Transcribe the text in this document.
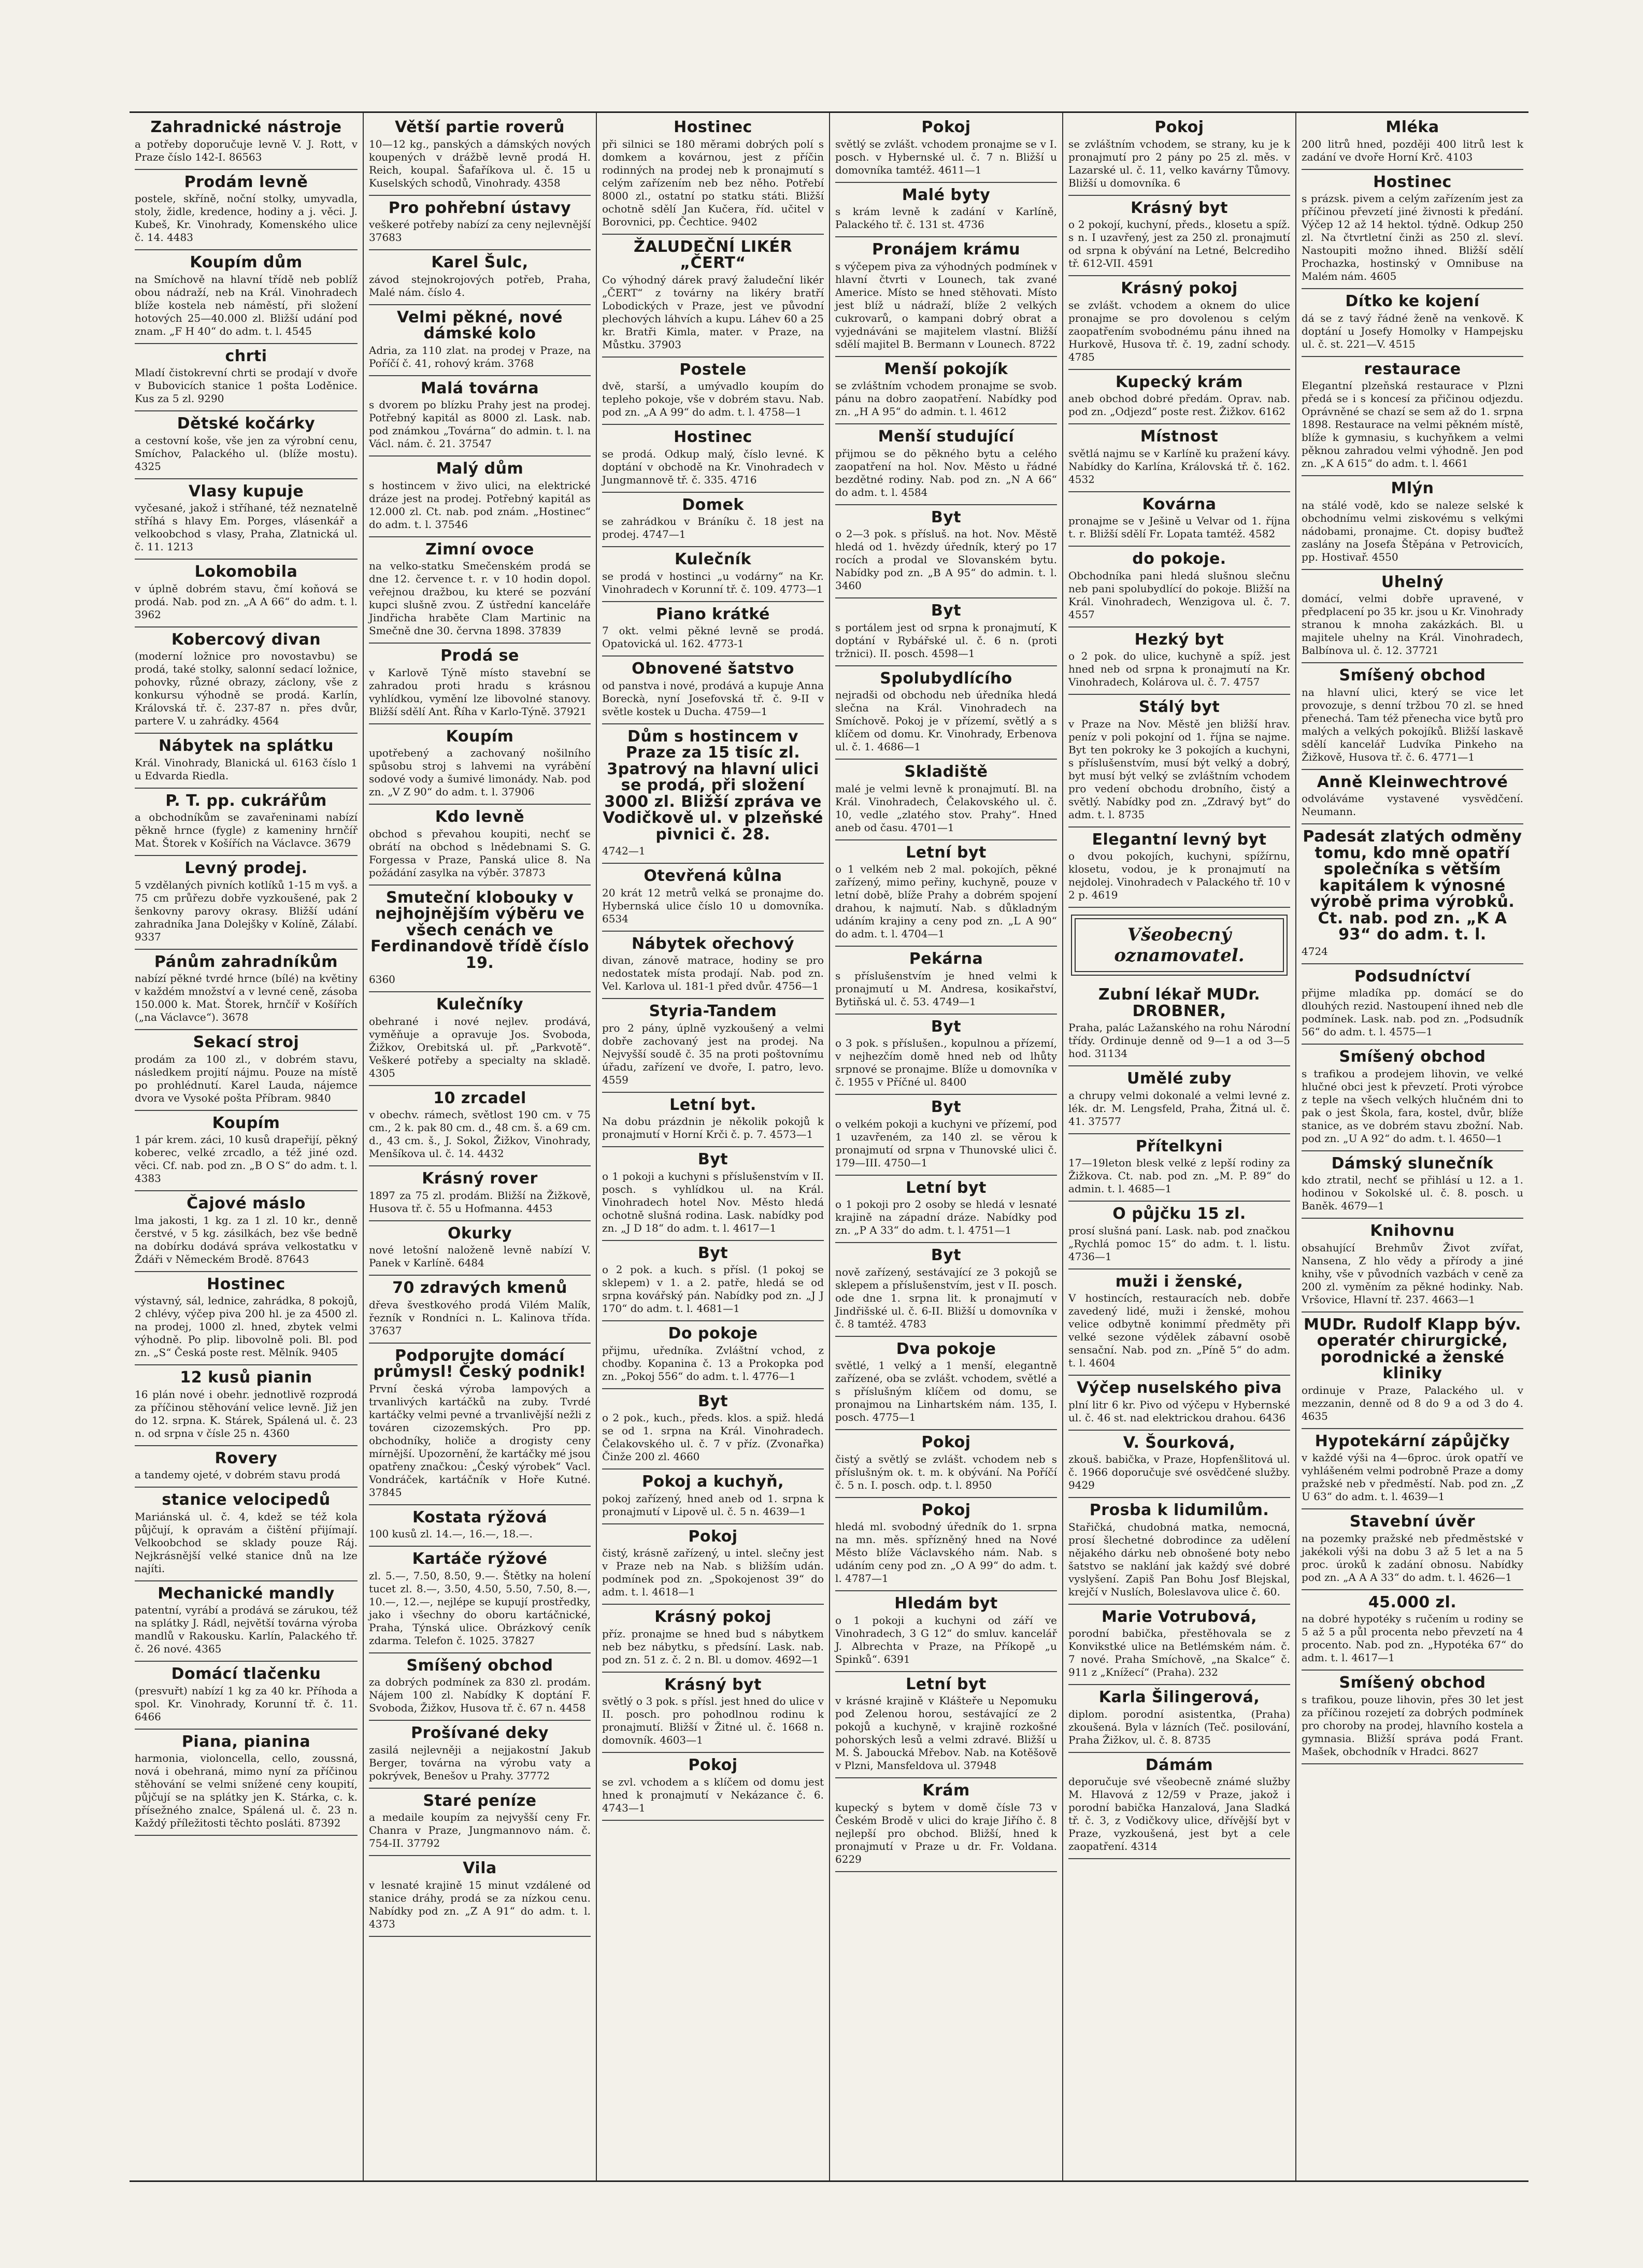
Zahradnické nástroje

a potřeby doporučuje levně V. J. Rott, v Praze číslo 142-I. 86563

Prodám levně

postele, skříně, noční stolky, umyvadla, stoly, židle, kredence, hodiny a j. věci. J. Kubeš, Kr. Vinohrady, Komenského ulice č. 14. 4483

Koupím dům

na Smíchově na hlavní třídě neb poblíž obou nádraží, neb na Král. Vinohradech blíže kostela neb náměstí, při složení hotových 25—40.000 zl. Bližší udání pod znam. „F H 40“ do adm. t. l. 4545

chrti

Mladí čistokrevní chrti se prodají v dvoře v Bubovicích stanice 1 pošta Loděnice. Kus za 5 zl. 9290

Dětské kočárky

a cestovní koše, vše jen za výrobní cenu, Smíchov, Palackého ul. (blíže mostu). 4325

Vlasy kupuje

vyčesané, jakož i stříhané, též neznatelně stříhá s hlavy Em. Porges, vlásenkář a velkoobchod s vlasy, Praha, Zlatnická ul. č. 11. 1213

Lokomobila

v úplně dobrém stavu, čmí koňová se prodá. Nab. pod zn. „A A 66“ do adm. t. l. 3962

Kobercový divan

(moderní ložnice pro novostavbu) se prodá, také stolky, salonní sedací ložnice, pohovky, různé obrazy, záclony, vše z konkursu výhodně se prodá. Karlín, Královská tř. č. 237-87 n. přes dvůr, partere V. u zahrádky. 4564

Nábytek na splátku

Král. Vinohrady, Blanická ul. 6163 číslo 1 u Edvarda Riedla.

P. T. pp. cukrářům

a obchodníkům se zavařeninami nabízí pěkně hrnce (fygle) z kameniny hrnčíř Mat. Štorek v Košířích na Václavce. 3679

Levný prodej.

5 vzdělaných pivních kotlíků 1-15 m vyš. a 75 cm průřezu dobře vyzkoušené, pak 2 šenkovny parovy okrasy. Bližší udání zahradníka Jana Dolejšky v Kolíně, Zálabí. 9337

Pánům zahradníkům

nabízí pěkné tvrdé hrnce (bílé) na květiny v každém množství a v levné ceně, zásoba 150.000 k. Mat. Štorek, hrnčíř v Košířích („na Václavce“). 3678

Sekací stroj

prodám za 100 zl., v dobrém stavu, následkem projití nájmu. Pouze na místě po prohlédnutí. Karel Lauda, nájemce dvora ve Vysoké pošta Příbram. 9840

Koupím

1 pár krem. záci, 10 kusů drapeřijí, pěkný koberec, velké zrcadlo, a též jiné ozd. věci. Cf. nab. pod zn. „B O S“ do adm. t. l. 4383

Čajové máslo

lma jakosti, 1 kg. za 1 zl. 10 kr., denně čerstvé, v 5 kg. zásilkách, bez vše bedně na dobírku dodává správa velkostatku v Ždáři v Německém Brodě. 87643

Hostinec

výstavný, sál, lednice, zahrádka, 8 pokojů, 2 chlévy, výčep piva 200 hl. je za 4500 zl. na prodej, 1000 zl. hned, zbytek velmi výhodně. Po plip. libovolně poli. Bl. pod zn. „S“ Česká poste rest. Mělník. 9405

12 kusů pianin

16 plán nové i obehr. jednotlivě rozprodá za příčinou stěhování velice levně. Již jen do 12. srpna. K. Stárek, Spálená ul. č. 23 n. od srpna v čísle 25 n. 4360

Rovery

a tandemy ojeté, v dobrém stavu prodá

stanice velocipedů

Mariánská ul. č. 4, kdež se též kola půjčují, k opravám a čištění přijímají. Velkoobchod se sklady pouze Ráj. Nejkrásnější velké stanice dnů na lze najíti.

Mechanické mandly

patentní, vyrábí a prodává se zárukou, též na splátky J. Rádl, největší továrna výroba mandlů v Rakousku. Karlín, Palackého tř. č. 26 nové. 4365

Domácí tlačenku

(presvuřt) nabízí 1 kg za 40 kr. Příhoda a spol. Kr. Vinohrady, Korunní tř. č. 11. 6466

Piana, pianina

harmonia, violoncella, cello, zoussná, nová i obehraná, mimo nyní za příčinou stěhování se velmi snížené ceny koupití, půjčují se na splátky jen K. Stárka, c. k. přísežného znalce, Spálená ul. č. 23 n. Každý příležitosti těchto posláti. 87392

Větší partie roverů

10—12 kg., panských a dámských nových koupených v drážbě levně prodá H. Reich, koupal. Šafaříkova ul. č. 15 u Kuselských schodů, Vinohrady. 4358

Pro pohřební ústavy

veškeré potřeby nabízí za ceny nejlevnější 37683

Karel Šulc,

závod stejnokrojových potřeb, Praha, Malé nám. číslo 4.

Velmi pěkné, nové dámské kolo

Adria, za 110 zlat. na prodej v Praze, na Poříčí č. 41, rohový krám. 3768

Malá továrna

s dvorem po blízku Prahy jest na prodej. Potřebný kapitál as 8000 zl. Lask. nab. pod známkou „Továrna“ do admin. t. l. na Václ. nám. č. 21. 37547

Malý dům

s hostincem v živo ulici, na elektrické dráze jest na prodej. Potřebný kapitál as 12.000 zl. Ct. nab. pod znám. „Hostinec“ do adm. t. l. 37546

Zimní ovoce

na velko-statku Smečenském prodá se dne 12. července t. r. v 10 hodin dopol. veřejnou dražbou, ku které se pozvání kupci slušně zvou. Z ústřední kanceláře Jindřicha hraběte Clam Martinic na Smečně dne 30. června 1898. 37839

Prodá se

v Karlově Týně místo stavební se zahradou proti hradu s krásnou vyhlídkou, vymění lze libovolné stanovy. Bližší sdělí Ant. Říha v Karlo-Týně. 37921

Koupím

upotřebený a zachovaný nošilního spůsobu stroj s lahvemi na vyrábění sodové vody a šumivé limonády. Nab. pod zn. „V Z 90“ do adm. t. l. 37906

Kdo levně

obchod s převahou koupiti, nechť se obrátí na obchod s lnědebnami S. G. Forgessa v Praze, Panská ulice 8. Na požádání zasylka na výběr. 37873

Smuteční klobouky v nejhojnějším výběru ve všech cenách ve Ferdinandově třídě číslo 19.

6360

Kulečníky

obehrané i nové nejlev. prodává, vyměňuje a opravuje Jos. Svoboda, Žižkov, Orebitská ul. př. „Parkvotě“. Veškeré potřeby a specialty na skladě. 4305

10 zrcadel

v obechv. rámech, světlost 190 cm. v 75 cm., 2 k. pak 80 cm. d., 48 cm. š. a 69 cm. d., 43 cm. š., J. Sokol, Žižkov, Vinohrady, Menšíkova ul. č. 14. 4432

Krásný rover

1897 za 75 zl. prodám. Bližší na Žižkově, Husova tř. č. 55 u Hofmanna. 4453

Okurky

nové letošní naloženě levně nabízí V. Panek v Karlíně. 6484

70 zdravých kmenů

dřeva švestkového prodá Vilém Malík, řezník v Rondníci n. L. Kalinova třída. 37637

Podporujte domácí průmysl! Český podnik!

První česká výroba lampových a trvanlivých kartáčků na zuby. Tvrdé kartáčky velmi pevné a trvanlivější nežli z továren cizozemských. Pro pp. obchodníky, holiče a drogisty ceny mírnější. Upozornění, že kartáčky mé jsou opatřeny značkou: „Český výrobek“ Vacl. Vondráček, kartáčník v Hoře Kutné. 37845

Kostata rýžová

100 kusů zl. 14.—, 16.—, 18.—.

Kartáče rýžové

zl. 5.—, 7.50, 8.50, 9.—. Štětky na holení tucet zl. 8.—, 3.50, 4.50, 5.50, 7.50, 8.—, 10.—, 12.—, nejlépe se kupují prostředky, jako i všechny do oboru kartáčnické, Praha, Týnská ulice. Obrázkový ceník zdarma. Telefon č. 1025. 37827

Smíšený obchod

za dobrých podmínek za 830 zl. prodám. Nájem 100 zl. Nabídky K doptání F. Svoboda, Žižkov, Husova tř. č. 67 n. 4458

Prošívané deky

zasilá nejlevněji a nejjakostní Jakub Berger, továrna na výrobu vaty a pokrývek, Benešov u Prahy. 37772

Staré peníze

a medaile koupím za nejvyšší ceny Fr. Chanra v Praze, Jungmannovo nám. č. 754-II. 37792

Vila

v lesnaté krajině 15 minut vzdálené od stanice dráhy, prodá se za nízkou cenu. Nabídky pod zn. „Z A 91“ do adm. t. l. 4373

Hostinec

při silnici se 180 měrami dobrých polí s domkem a kovárnou, jest z příčin rodinných na prodej neb k pronajmutí s celým zařízením neb bez něho. Potřebí 8000 zl., ostatní po statku státi. Bližší ochotně sdělí Jan Kučera, říd. učitel v Borovnici, pp. Čechtice. 9402

ŽALUDEČNÍ LIKÉR „ČERT“

Co výhodný dárek pravý žaludeční likér „ČERT“ z továrny na likéry bratří Lobodických v Praze, jest ve původní plechových láhvích a kupu. Láhev 60 a 25 kr. Bratři Kimla, mater. v Praze, na Můstku. 37903

Postele

dvě, starší, a umývadlo koupím do tepleho pokoje, vše v dobrém stavu. Nab. pod zn. „A A 99“ do adm. t. l. 4758—1

Hostinec

se prodá. Odkup malý, číslo levné. K doptání v obchodě na Kr. Vinohradech v Jungmannově tř. č. 335. 4716

Domek

se zahrádkou v Bráníku č. 18 jest na prodej. 4747—1

Kulečník

se prodá v hostinci „u vodárny“ na Kr. Vinohradech v Korunní tř. č. 109. 4773—1

Piano krátké

7 okt. velmi pěkné levně se prodá. Opatovická ul. 162. 4773-1

Obnovené šatstvo

od panstva i nové, prodává a kupuje Anna Boreckà, nyní Josefovská tř. č. 9-II v světle kostek u Ducha. 4759—1

Dům s hostincem v Praze za 15 tisíc zl. 3patrový na hlavní ulici se prodá, při složení 3000 zl. Bližší zpráva ve Vodičkově ul. v plzeňské pivnici č. 28.

4742—1

Otevřená kůlna

20 krát 12 metrů velká se pronajme do. Hybernská ulice číslo 10 u domovníka. 6534

Nábytek ořechový

divan, zánově matrace, hodiny se pro nedostatek místa prodají. Nab. pod zn. Vel. Karlova ul. 181-1 před dvůr. 4756—1

Styria-Tandem

pro 2 pány, úplně vyzkoušený a velmi dobře zachovaný jest na prodej. Na Nejvyšší soudě č. 35 na proti poštovnímu úřadu, zařízení ve dvoře, I. patro, levo. 4559

Letní byt.

Na dobu prázdnin je několik pokojů k pronajmutí v Horní Krči č. p. 7. 4573—1

Byt

o 1 pokoji a kuchyni s příslušenstvím v II. posch. s vyhlídkou ul. na Král. Vinohradech hotel Nov. Město hledá ochotně slušná rodina. Lask. nabídky pod zn. „J D 18“ do adm. t. l. 4617—1

Byt

o 2 pok. a kuch. s přísl. (1 pokoj se sklepem) v 1. a 2. patře, hledá se od srpna kovářský pán. Nabídky pod zn. „J J 170“ do adm. t. l. 4681—1

Do pokoje

přijmu, uředníka. Zvláštní vchod, z chodby. Kopanina č. 13 a Prokopka pod zn. „Pokoj 556“ do adm. t. l. 4776—1

Byt

o 2 pok., kuch., předs. klos. a spiž. hledá se od 1. srpna na Král. Vinohradech. Čelakovského ul. č. 7 v příz. (Zvonařka) Činže 200 zl. 4660

Pokoj a kuchyň,

pokoj zařízený, hned aneb od 1. srpna k pronajmutí v Lipově ul. č. 5 n. 4639—1

Pokoj

čistý, krásně zařízený, u intel. slečny jest v Praze neb na Nab. s bližším udán. podmínek pod zn. „Spokojenost 39“ do adm. t. l. 4618—1

Krásný pokoj

příz. pronajme se hned bud s nábytkem neb bez nábytku, s předsíní. Lask. nab. pod zn. 51 z. č. 2 n. Bl. u domov. 4692—1

Krásný byt

světlý o 3 pok. s přísl. jest hned do ulice v II. posch. pro pohodlnou rodinu k pronajmutí. Bližší v Žitné ul. č. 1668 n. domovník. 4603—1

Pokoj

se zvl. vchodem a s klíčem od domu jest hned k pronajmutí v Nekázance č. 6. 4743—1

Pokoj

světlý se zvlášt. vchodem pronajme se v I. posch. v Hybernské ul. č. 7 n. Bližší u domovníka tamtéž. 4611—1

Malé byty

s krám levně k zadání v Karlíně, Palackého tř. č. 131 st. 4736

Pronájem krámu

s výčepem piva za výhodných podmínek v hlavní čtvrti v Lounech, tak zvané Americe. Místo se hned stěhovati. Místo jest blíž u nádraží, blíže 2 velkých cukrovarů, o kampani dobrý obrat a vyjednáváni se majitelem vlastní. Bližší sdělí majitel B. Bermann v Lounech. 8722

Menší pokojík

se zvláštním vchodem pronajme se svob. pánu na dobro zaopatření. Nabídky pod zn. „H A 95“ do admin. t. l. 4612

Menší studující

přijmou se do pěkného bytu a celého zaopatření na hol. Nov. Město u řádné bezdětné rodiny. Nab. pod zn. „N A 66“ do adm. t. l. 4584

Byt

o 2—3 pok. s přísluš. na hot. Nov. Městě hledá od 1. hvězdy úředník, který po 17 rocích a prodal ve Slovanském bytu. Nabídky pod zn. „B A 95“ do admin. t. l. 3460

Byt

s portálem jest od srpna k pronajmutí, K doptání v Rybářské ul. č. 6 n. (proti tržnici). II. posch. 4598—1

Spolubydlícího

nejradši od obchodu neb úředníka hledá slečna na Král. Vinohradech na Smíchově. Pokoj je v přízemí, světlý a s klíčem od domu. Kr. Vinohrady, Erbenova ul. č. 1. 4686—1

Skladiště

malé je velmi levně k pronajmutí. Bl. na Král. Vinohradech, Čelakovského ul. č. 10, vedle „zlatého stov. Prahy“. Hned aneb od času. 4701—1

Letní byt

o 1 velkém neb 2 mal. pokojích, pěkné zařízený, mimo peřiny, kuchyně, pouze v letní době, blíže Prahy a dobrém spojení drahou, k najmutí. Nab. s důkladným udáním krajiny a ceny pod zn. „L A 90“ do adm. t. l. 4704—1

Pekárna

s příslušenstvím je hned velmi k pronajmutí u M. Andresa, kosikařství, Bytiňská ul. č. 53. 4749—1

Byt

o 3 pok. s příslušen., kopulnou a přízemí, v nejhezčím domě hned neb od lhůty srpnové se pronajme. Blíže u domovníka v č. 1955 v Příčné ul. 8400

Byt

o velkém pokoji a kuchyni ve přízemí, pod 1 uzavřeném, za 140 zl. se věrou k pronajmutí od srpna v Thunovské ulici č. 179—III. 4750—1

Letní byt

o 1 pokoji pro 2 osoby se hledá v lesnaté krajině na západní dráze. Nabídky pod zn. „P A 33“ do adm. t. l. 4751—1

Byt

nově zařízený, sestávající ze 3 pokojů se sklepem a příslušenstvím, jest v II. posch. ode dne 1. srpna lit. k pronajmutí v Jindřišské ul. č. 6-II. Bližší u domovníka v č. 8 tamtéž. 4783

Dva pokoje

světlé, 1 velký a 1 menší, elegantně zařízené, oba se zvlášt. vchodem, světlé a s příslušným klíčem od domu, se pronajmou na Linhartském nám. 135, I. posch. 4775—1

Pokoj

čistý a světlý se zvlášt. vchodem neb s příslušným ok. t. m. k obývání. Na Poříčí č. 5 n. I. posch. odp. t. l. 8950

Pokoj

hledá ml. svobodný úředník do 1. srpna na mn. měs. spřízněný hned na Nové Město blíže Václavského nám. Nab. s udáním ceny pod zn. „O A 99“ do adm. t. l. 4787—1

Hledám byt

o 1 pokoji a kuchyni od září ve Vinohradech, 3 G 12“ do smluv. kancelář J. Albrechta v Praze, na Příkopě „u Spinků“. 6391

Letní byt

v krásné krajině v Klášteře u Nepomuku pod Zelenou horou, sestávající ze 2 pokojů a kuchyně, v krajině rozkošné pohorských lesů a velmi zdravé. Bližší u M. Š. Jaboucká Mřebov. Nab. na Kotěšově v Plzni, Mansfeldova ul. 37948

Krám

kupecký s bytem v domě čísle 73 v Českém Brodě v ulici do kraje Jiřího č. 8 nejlepší pro obchod. Bližší, hned k pronajmutí v Praze u dr. Fr. Voldana. 6229

Pokoj

se zvláštním vchodem, se strany, ku je k pronajmutí pro 2 pány po 25 zl. měs. v Lazarské ul. č. 11, velko kavárny Tůmovy. Bližší u domovníka. 6

Krásný byt

o 2 pokojí, kuchyní, předs., klosetu a spíž. s n. I uzavřený, jest za 250 zl. pronajmutí od srpna k obývání na Letné, Belcrediho tř. 612-VII. 4591

Krásný pokoj

se zvlášt. vchodem a oknem do ulice pronajme se pro dovolenou s celým zaopatřením svobodnému pánu ihned na Hurkově, Husova tř. č. 19, zadní schody. 4785

Kupecký krám

aneb obchod dobré předám. Oprav. nab. pod zn. „Odjezd“ poste rest. Žižkov. 6162

Místnost

světlá najmu se v Karlíně ku pražení kávy. Nabídky do Karlína, Královská tř. č. 162. 4532

Kovárna

pronajme se v Ješině u Velvar od 1. října t. r. Bližší sdělí Fr. Lopata tamtéž. 4582

do pokoje.

Obchodníka pani hledá slušnou slečnu neb pani spolubydlící do pokoje. Bližší na Král. Vinohradech, Wenzigova ul. č. 7. 4557

Hezký byt

o 2 pok. do ulice, kuchyně a spíž. jest hned neb od srpna k pronajmutí na Kr. Vinohradech, Kolárova ul. č. 7. 4757

Stálý byt

v Praze na Nov. Městě jen bližší hrav. peníz v poli pokojní od 1. října se najme. Byt ten pokroky ke 3 pokojích a kuchyni, s příslušenstvím, musí být velký a dobrý, byt musí být velký se zvláštním vchodem pro vedení obchodu drobního, čistý a světlý. Nabídky pod zn. „Zdravý byt“ do adm. t. l. 8735

Elegantní levný byt

o dvou pokojích, kuchyni, spížírnu, klosetu, vodou, je k pronajmutí na nejdolej. Vinohradech v Palackého tř. 10 v 2 p. 4619

Všeobecný oznamovatel.
Zubní lékař MUDr. DROBNER,

Praha, palác Lažanského na rohu Národní třídy. Ordinuje denně od 9—1 a od 3—5 hod. 31134

Umělé zuby

a chrupy velmi dokonalé a velmi levné z. lék. dr. M. Lengsfeld, Praha, Žitná ul. č. 41. 37577

Přítelkyni

17—19leton blesk velké z lepší rodiny za Žižkova. Ct. nab. pod zn. „M. P. 89“ do admin. t. l. 4685—1

O půjčku 15 zl.

prosí slušná paní. Lask. nab. pod značkou „Rychlá pomoc 15“ do adm. t. l. listu. 4736—1

muži i ženské,

V hostincích, restauracích neb. dobře zavedený lidé, muži i ženské, mohou velice odbytně konimmí předměty při velké sezone výdělek zábavní osobě sensační. Nab. pod zn. „Píně 5“ do adm. t. l. 4604

Výčep nuselského piva

plní litr 6 kr. Pivo od výčepu v Hybernské ul. č. 46 st. nad elektrickou drahou. 6436

V. Šourková,

zkouš. babička, v Praze, Hopfenšlitová ul. č. 1966 doporučuje své osvědčené služby. 9429

Prosba k lidumilům.

Stařičká, chudobná matka, nemocná, prosí šlechetné dobrodince za udělení nějakého dárku neb obnošené boty nebo šatstvo se naklání jak každý své dobré vyslyšení. Zapiš Pan Bohu Josf Blejskal, krejčí v Nuslích, Boleslavova ulice č. 60.

Marie Votrubová,

porodní babička, přestěhovala se z Konvikstké ulice na Betlémském nám. č. 7 nové. Praha Smíchově, „na Skalce“ č. 911 z „Knížecí“ (Praha). 232

Karla Šilingerová,

diplom. porodní asistentka, (Praha) zkoušená. Byla v lázních (Teč. posilování, Praha Žižkov, ul. č. 8. 8735

Dámám

deporučuje své všeobecně známé služby M. Hlavová z 12/59 v Praze, jakož i porodní babička Hanzalová, Jana Sladká tř. č. 3, z Vodičkovy ulice, dřívější byt v Praze, vyzkoušená, jest byt a cele zaopatření. 4314

Mléka

200 litrů hned, později 400 litrů lest k zadání ve dvoře Horní Krč. 4103

Hostinec

s prázsk. pivem a celým zařízením jest za příčinou převzetí jiné živnosti k předání. Výčep 12 až 14 hektol. týdně. Odkup 250 zl. Na čtvrtletní činži as 250 zl. sleví. Nastoupiti možno ihned. Bližší sdělí Prochazka, hostinský v Omnibuse na Malém nám. 4605

Dítko ke kojení

dá se z tavý řádné ženě na venkově. K doptání u Josefy Homolky v Hampejsku ul. č. st. 221—V. 4515

restaurace

Elegantní plzeňská restaurace v Plzni předá se i s koncesí za přičinou odjezdu. Oprávněné se chazí se sem až do 1. srpna 1898. Restaurace na velmi pěkném místě, blíže k gymnasiu, s kuchyňkem a velmi pěknou zahradou velmi výhodně. Jen pod zn. „K A 615“ do adm. t. l. 4661

Mlýn

na stálé vodě, kdo se naleze selské k obchodnímu velmi ziskovému s velkými nádobami, pronajme. Ct. dopisy buďtež zaslány na Josefa Štěpána v Petrovicích, pp. Hostivař. 4550

Uhelný

domácí, velmi dobře upravené, v předplacení po 35 kr. jsou u Kr. Vinohrady stranou k mnoha zakázkách. Bl. u majitele uhelny na Král. Vinohradech, Balbínova ul. č. 12. 37721

Smíšený obchod

na hlavní ulici, který se vice let provozuje, s denní tržbou 70 zl. se hned přenechá. Tam též přenecha vice bytů pro malých a velkých pokojíků. Bližší laskavě sdělí kancelář Ludvíka Pinkeho na Žižkově, Husova tř. č. 6. 4771—1

Anně Kleinwechtrové

odvoláváme vystavené vysvědčení. Neumann.

Padesát zlatých odměny tomu, kdo mně opatří společníka s větším kapitálem k výnosné výrobě prima výrobků. Ct. nab. pod zn. „K A 93“ do adm. t. l.

4724

Podsudníctví

přijme mladíka pp. domácí se do dlouhých rezid. Nastoupení ihned neb dle podmínek. Lask. nab. pod zn. „Podsudník 56“ do adm. t. l. 4575—1

Smíšený obchod

s trafikou a prodejem lihovin, ve velké hlučné obci jest k převzetí. Proti výrobce z teple na všech velkých hlučném dni to pak o jest Škola, fara, kostel, dvůr, blíže stanice, as ve dobrém stavu zbožní. Nab. pod zn. „U A 92“ do adm. t. l. 4650—1

Dámský slunečník

kdo ztratil, nechť se přihlásí u 12. a 1. hodinou v Sokolské ul. č. 8. posch. u Baněk. 4679—1

Knihovnu

obsahující Brehmův Život zvířat, Nansena, Z hlo vědy a přírody a jiné knihy, vše v původních vazbách v ceně za 200 zl. vyměním za pěkné hodinky. Nab. Vršovice, Hlavní tř. 237. 4663—1

MUDr. Rudolf Klapp býv. operatér chirurgické, porodnické a ženské kliniky

ordinuje v Praze, Palackého ul. v mezzanin, denně od 8 do 9 a od 3 do 4. 4635

Hypotekární zápůjčky

v každé výši na 4—6proc. úrok opatří ve vyhlášeném velmi podrobně Praze a domy pražské neb v předměstí. Nab. pod zn. „Z U 63“ do adm. t. l. 4639—1

Stavební úvěr

na pozemky pražské neb předměstské v jakékoli výši na dobu 3 až 5 let a na 5 proc. úroků k zadání obnosu. Nabídky pod zn. „A A A 33“ do adm. t. l. 4626—1

45.000 zl.

na dobré hypotéky s ručením u rodiny se 5 až 5 a půl procenta nebo převzetí na 4 procento. Nab. pod zn. „Hypotéka 67“ do adm. t. l. 4617—1

Smíšený obchod

s trafikou, pouze lihovin, přes 30 let jest za příčinou rozejetí za dobrých podmínek pro choroby na prodej, hlavního kostela a gymnasia. Bližší správa podá Frant. Mašek, obchodník v Hradci. 8627
